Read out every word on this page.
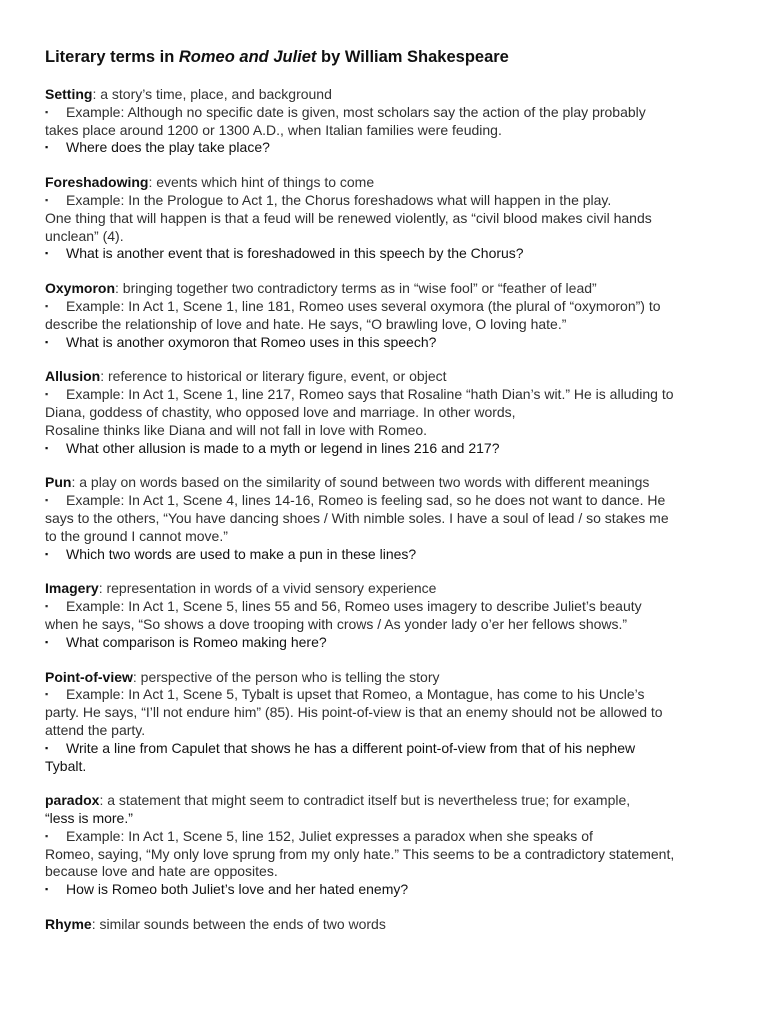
Literary terms in Romeo and Juliet by William Shakespeare
Setting: a story’s time, place, and background
▪ Example: Although no specific date is given, most scholars say the action of the play probably
takes place around 1200 or 1300 A.D., when Italian families were feuding.
▪ Where does the play take place?
Foreshadowing: events which hint of things to come
▪ Example: In the Prologue to Act 1, the Chorus foreshadows what will happen in the play.
One thing that will happen is that a feud will be renewed violently, as “civil blood makes civil hands
unclean” (4).
▪ What is another event that is foreshadowed in this speech by the Chorus?
Oxymoron: bringing together two contradictory terms as in “wise fool” or “feather of lead”
▪ Example: In Act 1, Scene 1, line 181, Romeo uses several oxymora (the plural of “oxymoron”) to
describe the relationship of love and hate. He says, “O brawling love, O loving hate.”
▪ What is another oxymoron that Romeo uses in this speech?
Allusion: reference to historical or literary figure, event, or object
▪ Example: In Act 1, Scene 1, line 217, Romeo says that Rosaline “hath Dian’s wit.” He is alluding to
Diana, goddess of chastity, who opposed love and marriage. In other words,
Rosaline thinks like Diana and will not fall in love with Romeo.
▪ What other allusion is made to a myth or legend in lines 216 and 217?
Pun: a play on words based on the similarity of sound between two words with different meanings
▪ Example: In Act 1, Scene 4, lines 14-16, Romeo is feeling sad, so he does not want to dance. He
says to the others, “You have dancing shoes / With nimble soles. I have a soul of lead / so stakes me
to the ground I cannot move.”
▪ Which two words are used to make a pun in these lines?
Imagery: representation in words of a vivid sensory experience
▪ Example: In Act 1, Scene 5, lines 55 and 56, Romeo uses imagery to describe Juliet’s beauty
when he says, “So shows a dove trooping with crows / As yonder lady o’er her fellows shows.”
▪ What comparison is Romeo making here?
Point-of-view: perspective of the person who is telling the story
▪ Example: In Act 1, Scene 5, Tybalt is upset that Romeo, a Montague, has come to his Uncle’s
party. He says, “I’ll not endure him” (85). His point-of-view is that an enemy should not be allowed to
attend the party.
▪ Write a line from Capulet that shows he has a different point-of-view from that of his nephew
Tybalt.
paradox: a statement that might seem to contradict itself but is nevertheless true; for example,
“less is more.”
▪ Example: In Act 1, Scene 5, line 152, Juliet expresses a paradox when she speaks of
Romeo, saying, “My only love sprung from my only hate.” This seems to be a contradictory statement,
because love and hate are opposites.
▪ How is Romeo both Juliet’s love and her hated enemy?
Rhyme: similar sounds between the ends of two words
